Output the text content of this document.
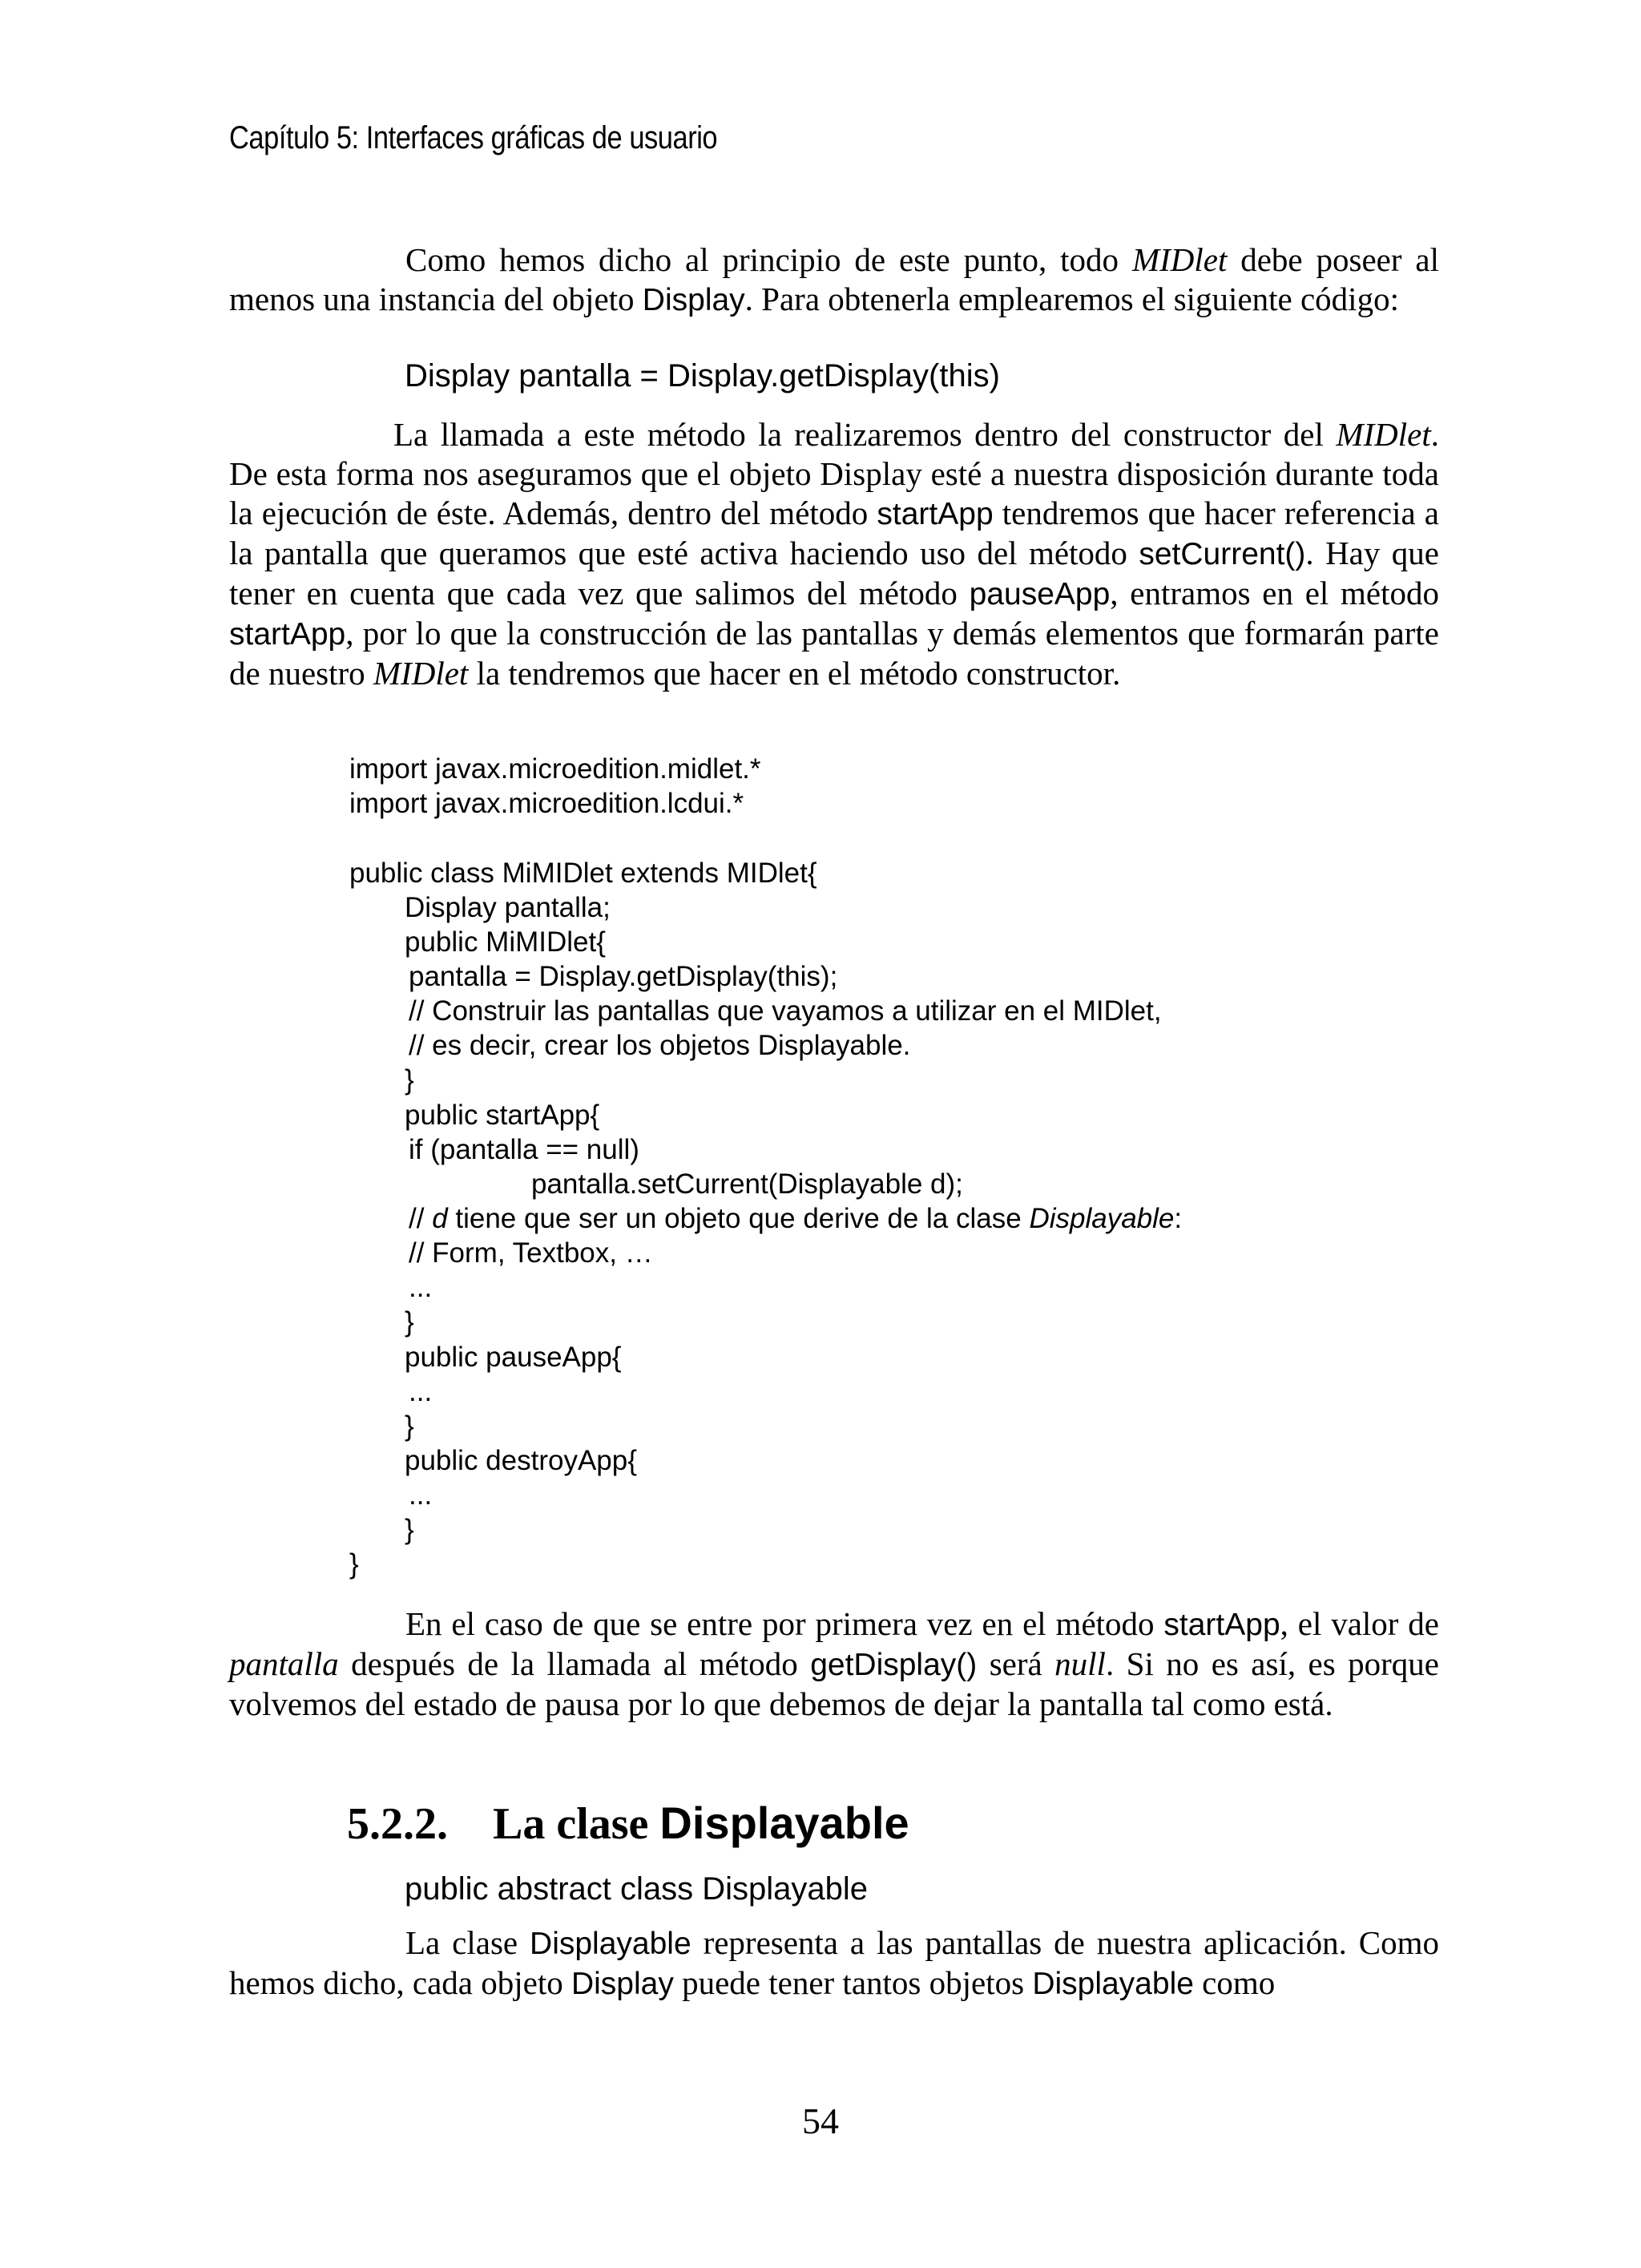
Capítulo 5: Interfaces gráficas de usuario

Como hemos dicho al principio de este punto, todo MIDlet debe poseer al menos una instancia del objeto Display. Para obtenerla emplearemos el siguiente código:

Display pantalla = Display.getDisplay(this)

La llamada a este método la realizaremos dentro del constructor del MIDlet. De esta forma nos aseguramos que el objeto Display esté a nuestra disposición durante toda la ejecución de éste. Además, dentro del método startApp tendremos que hacer referencia a la pantalla que queramos que esté activa haciendo uso del método setCurrent(). Hay que tener en cuenta que cada vez que salimos del método pauseApp, entramos en el método startApp, por lo que la construcción de las pantallas y demás elementos que formarán parte de nuestro MIDlet la tendremos que hacer en el método constructor.

import javax.microedition.midlet.*
import javax.microedition.lcdui.*
public class MiMIDlet extends MIDlet{
Display pantalla;
public MiMIDlet{
pantalla = Display.getDisplay(this);
// Construir las pantallas que vayamos a utilizar en el MIDlet,
// es decir, crear los objetos Displayable.
}
public startApp{
if (pantalla == null)
pantalla.setCurrent(Displayable d);
// d tiene que ser un objeto que derive de la clase Displayable:
// Form, Textbox, …
...
}
public pauseApp{
...
}
public destroyApp{
...
}
}

En el caso de que se entre por primera vez en el método startApp, el valor de pantalla después de la llamada al método getDisplay() será null. Si no es así, es porque volvemos del estado de pausa por lo que debemos de dejar la pantalla tal como está.

5.2.2. La clase Displayable
public abstract class Displayable

La clase Displayable representa a las pantallas de nuestra aplicación. Como hemos dicho, cada objeto Display puede tener tantos objetos Displayable como

54
